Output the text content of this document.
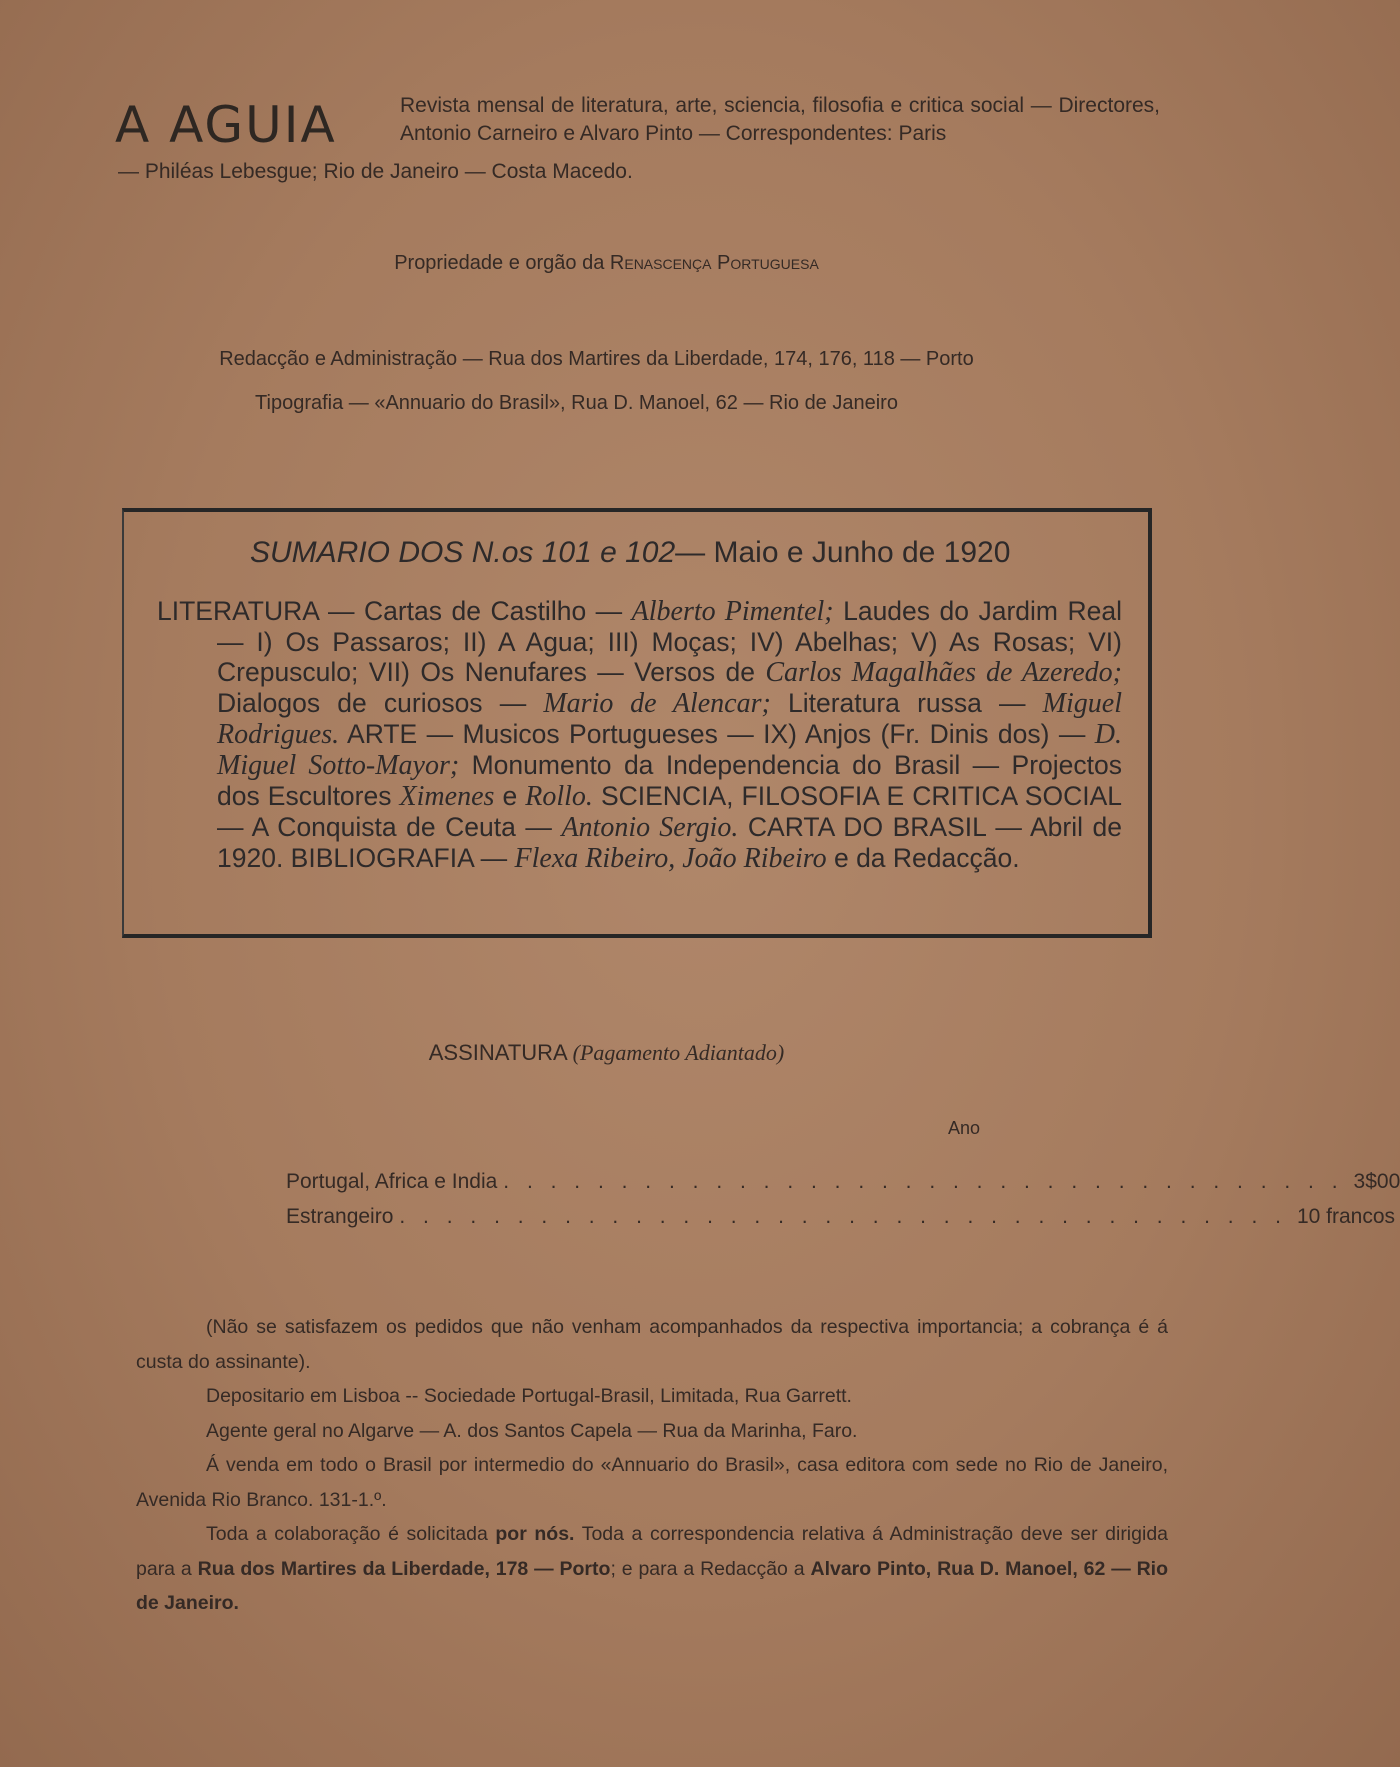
A AGUIA	Revista mensal de literatura, arte, sciencia, filosofia e critica social — Directores, Antonio Carneiro e Alvaro Pinto — Correspondentes: Paris
— Philéas Lebesgue; Rio de Janeiro — Costa Macedo.
Propriedade e orgão da Renascença Portuguesa
Redacção e Administração — Rua dos Martires da Liberdade, 174, 176, 118 — Porto
Tipografia — «Annuario do Brasil», Rua D. Manoel, 62 — Rio de Janeiro
SUMARIO DOS N.os 101 e 102— Maio e Junho de 1920

LITERATURA — Cartas de Castilho — Alberto Pimentel; Laudes do Jardim Real — I) Os Passaros; II) A Agua; III) Moças; IV) Abelhas; V) As Rosas; VI) Crepusculo; VII) Os Nenufares — Versos de Carlos Magalhães de Azeredo; Dialogos de curiosos — Mario de Alencar; Literatura russa — Miguel Rodrigues. ARTE — Musicos Portugueses — IX) Anjos (Fr. Dinis dos) — D. Miguel Sotto-Mayor; Monumento da Independencia do Brasil — Projectos dos Escultores Ximenes e Rollo. SCIENCIA, FILOSOFIA E CRITICA SOCIAL — A Conquista de Ceuta — Antonio Sergio. CARTA DO BRASIL — Abril de 1920. BIBLIOGRAFIA — Flexa Ribeiro, João Ribeiro e da Redacção.

ASSINATURA (Pagamento Adiantado)
Ano
Portugal, Africa e India . . . . . . . . . . . . . . . . . . . . . . . . . . . . . . . . . . . . 3$00
Estrangeiro . . . . . . . . . . . . . . . . . . . . . . . . . . . . . . . . . . . . . . 10 francos

(Não se satisfazem os pedidos que não venham acompanhados da respectiva importancia; a cobrança é á custa do assinante).

Depositario em Lisboa -- Sociedade Portugal-Brasil, Limitada, Rua Garrett.

Agente geral no Algarve — A. dos Santos Capela — Rua da Marinha, Faro.

Á venda em todo o Brasil por intermedio do «Annuario do Brasil», casa editora com sede no Rio de Janeiro, Avenida Rio Branco. 131-1.º.

Toda a colaboração é solicitada por nós. Toda a correspondencia relativa á Administração deve ser dirigida para a Rua dos Martires da Liberdade, 178 — Porto; e para a Redacção a Alvaro Pinto, Rua D. Manoel, 62 — Rio de Janeiro.
